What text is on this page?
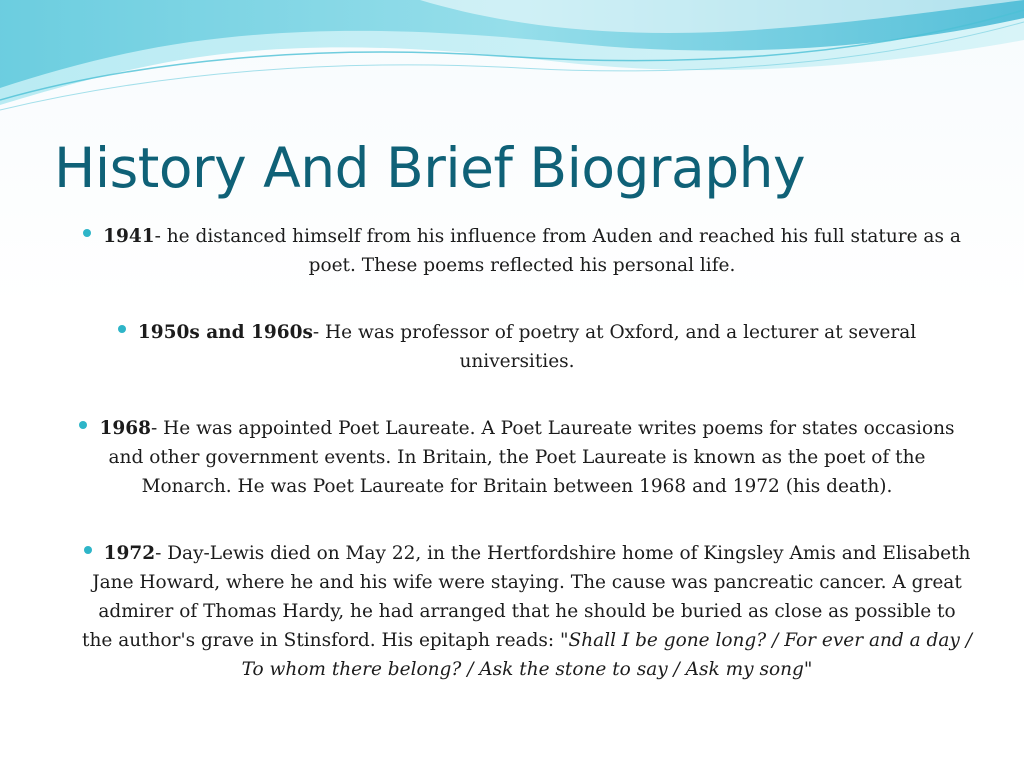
History And Brief Biography
1941- he distanced himself from his influence from Auden and reached his full stature as a poet. These poems reflected his personal life.
1950s and 1960s- He was professor of poetry at Oxford, and a lecturer at several universities.
1968- He was appointed Poet Laureate. A Poet Laureate writes poems for states occasions and other government events. In Britain, the Poet Laureate is known as the poet of the Monarch. He was Poet Laureate for Britain between 1968 and 1972 (his death).
1972- Day-Lewis died on May 22, in the Hertfordshire home of Kingsley Amis and Elisabeth Jane Howard, where he and his wife were staying. The cause was pancreatic cancer. A great admirer of Thomas Hardy, he had arranged that he should be buried as close as possible to the author's grave in Stinsford. His epitaph reads: "Shall I be gone long? / For ever and a day / To whom there belong? / Ask the stone to say / Ask my song"
